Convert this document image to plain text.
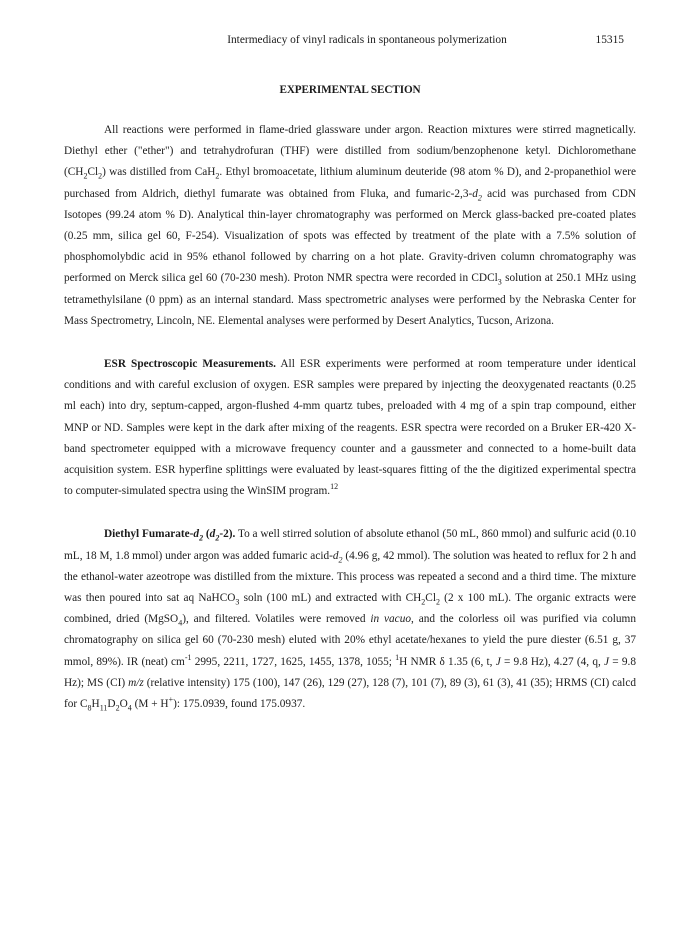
Intermediacy of vinyl radicals in spontaneous polymerization	15315
EXPERIMENTAL SECTION

All reactions were performed in flame-dried glassware under argon. Reaction mixtures were stirred magnetically. Diethyl ether ("ether") and tetrahydrofuran (THF) were distilled from sodium/benzophenone ketyl. Dichloromethane $(CH_2Cl_2)$ was distilled from CaH$_2$. Ethyl bromoacetate, lithium aluminum deuteride (98 atom % D), and 2-propanethiol were purchased from Aldrich, diethyl fumarate was obtained from Fluka, and fumaric-$2,3-d_2$ acid was purchased from CDN Isotopes (99.24 atom % D). Analytical thin-layer chromatography was performed on Merck glass-backed pre-coated plates (0.25 mm, silica gel 60, F-254). Visualization of spots was effected by treatment of the plate with a 7.5% solution of phosphomolybdic acid in 95% ethanol followed by charring on a hot plate. Gravity-driven column chromatography was performed on Merck silica gel 60 (70-230 mesh). Proton NMR spectra were recorded in CDCl$_3$ solution at 250.1 MHz using tetramethylsilane (0 ppm) as an internal standard. Mass spectrometric analyses were performed by the Nebraska Center for Mass Spectrometry, Lincoln, NE. Elemental analyses were performed by Desert Analytics, Tucson, Arizona.

ESR Spectroscopic Measurements. All ESR experiments were performed at room temperature under identical conditions and with careful exclusion of oxygen. ESR samples were prepared by injecting the deoxygenated reactants (0.25 ml each) into dry, septum-capped, argon-flushed 4-mm quartz tubes, preloaded with 4 mg of a spin trap compound, either MNP or ND. Samples were kept in the dark after mixing of the reagents. ESR spectra were recorded on a Bruker ER-420 X-band spectrometer equipped with a microwave frequency counter and a gaussmeter and connected to a home-built data acquisition system. ESR hyperfine splittings were evaluated by least-squares fitting of the the digitized experimental spectra to computer-simulated spectra using the WinSIM program.$^{12}$

Diethyl Fumarate-$d_2$ $(d_2-2)$. To a well stirred solution of absolute ethanol (50 mL, 860 mmol) and sulfuric acid (0.10 mL, 18 M, 1.8 mmol) under argon was added fumaric acid-$d_2$ (4.96 g, 42 mmol). The solution was heated to reflux for 2 h and the ethanol-water azeotrope was distilled from the mixture. This process was repeated a second and a third time. The mixture was then poured into sat aq NaHCO$_3$ soln (100 mL) and extracted with $CH_2Cl_2$ (2 x 100 mL). The organic extracts were combined, dried (MgSO$_4$), and filtered. Volatiles were removed in vacuo, and the colorless oil was purified via column chromatography on silica gel 60 (70-230 mesh) eluted with 20% ethyl acetate/hexanes to yield the pure diester (6.51 g, 37 mmol, 89%). IR (neat) $cm^{-1}$ 2995, 2211, 1727, 1625, 1455, 1378, 1055; $^1$H NMR δ 1.35 (6, t, J = 9.8 Hz), 4.27 (4, q, J = 9.8 Hz); MS (CI) m/z (relative intensity) 175 (100), 147 (26), 129 (27), 128 (7), 101 (7), 89 (3), 61 (3), 41 (35); HRMS (CI) calcd for $C_8H_{11}D_2O_4$ (M + H+): 175.0939, found 175.0937.
